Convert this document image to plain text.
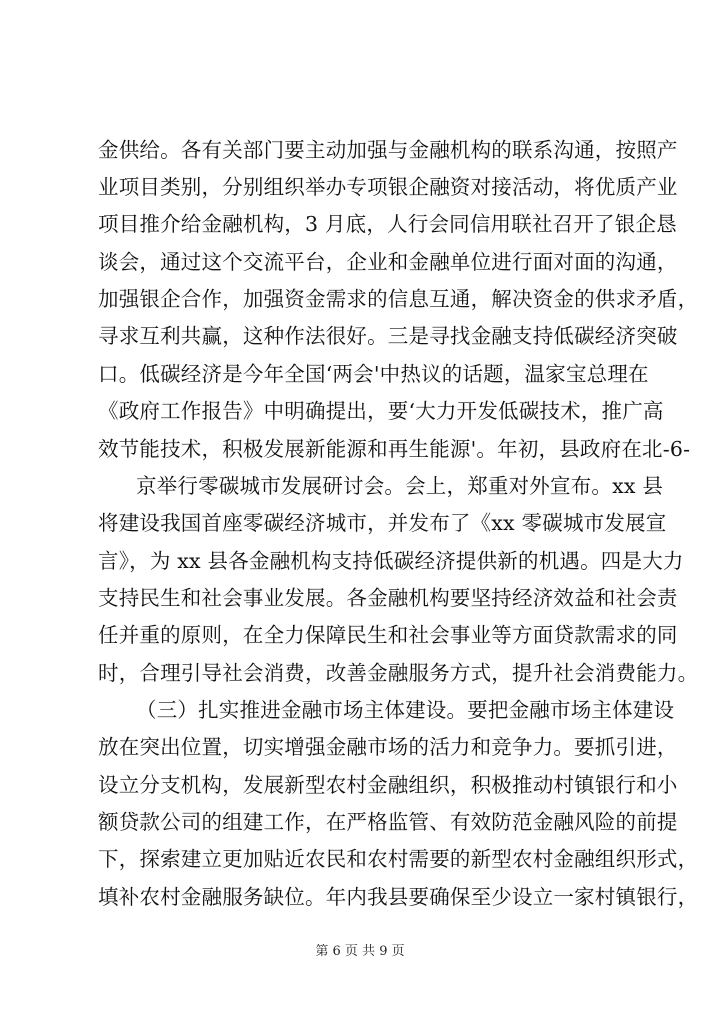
金供给。各有关部门要主动加强与金融机构的联系沟通，按照产
业项目类别，分别组织举办专项银企融资对接活动，将优质产业
项目推介给金融机构，3 月底，人行会同信用联社召开了银企恳
谈会，通过这个交流平台，企业和金融单位进行面对面的沟通，
加强银企合作，加强资金需求的信息互通，解决资金的供求矛盾，
寻求互利共赢，这种作法很好。三是寻找金融支持低碳经济突破
口。低碳经济是今年全国‘两会'中热议的话题，温家宝总理在
《政府工作报告》中明确提出，要‘大力开发低碳技术，推广高
效节能技术，积极发展新能源和再生能源'。年初，县政府在北-6-
京举行零碳城市发展研讨会。会上，郑重对外宣布。xx 县
将建设我国首座零碳经济城市，并发布了《xx 零碳城市发展宣
言》，为 xx 县各金融机构支持低碳经济提供新的机遇。四是大力
支持民生和社会事业发展。各金融机构要坚持经济效益和社会责
任并重的原则，在全力保障民生和社会事业等方面贷款需求的同
时，合理引导社会消费，改善金融服务方式，提升社会消费能力。
（三）扎实推进金融市场主体建设。要把金融市场主体建设
放在突出位置，切实增强金融市场的活力和竞争力。要抓引进，
设立分支机构，发展新型农村金融组织，积极推动村镇银行和小
额贷款公司的组建工作，在严格监管、有效防范金融风险的前提
下，探索建立更加贴近农民和农村需要的新型农村金融组织形式，
填补农村金融服务缺位。年内我县要确保至少设立一家村镇银行，
第 6 页 共 9 页
